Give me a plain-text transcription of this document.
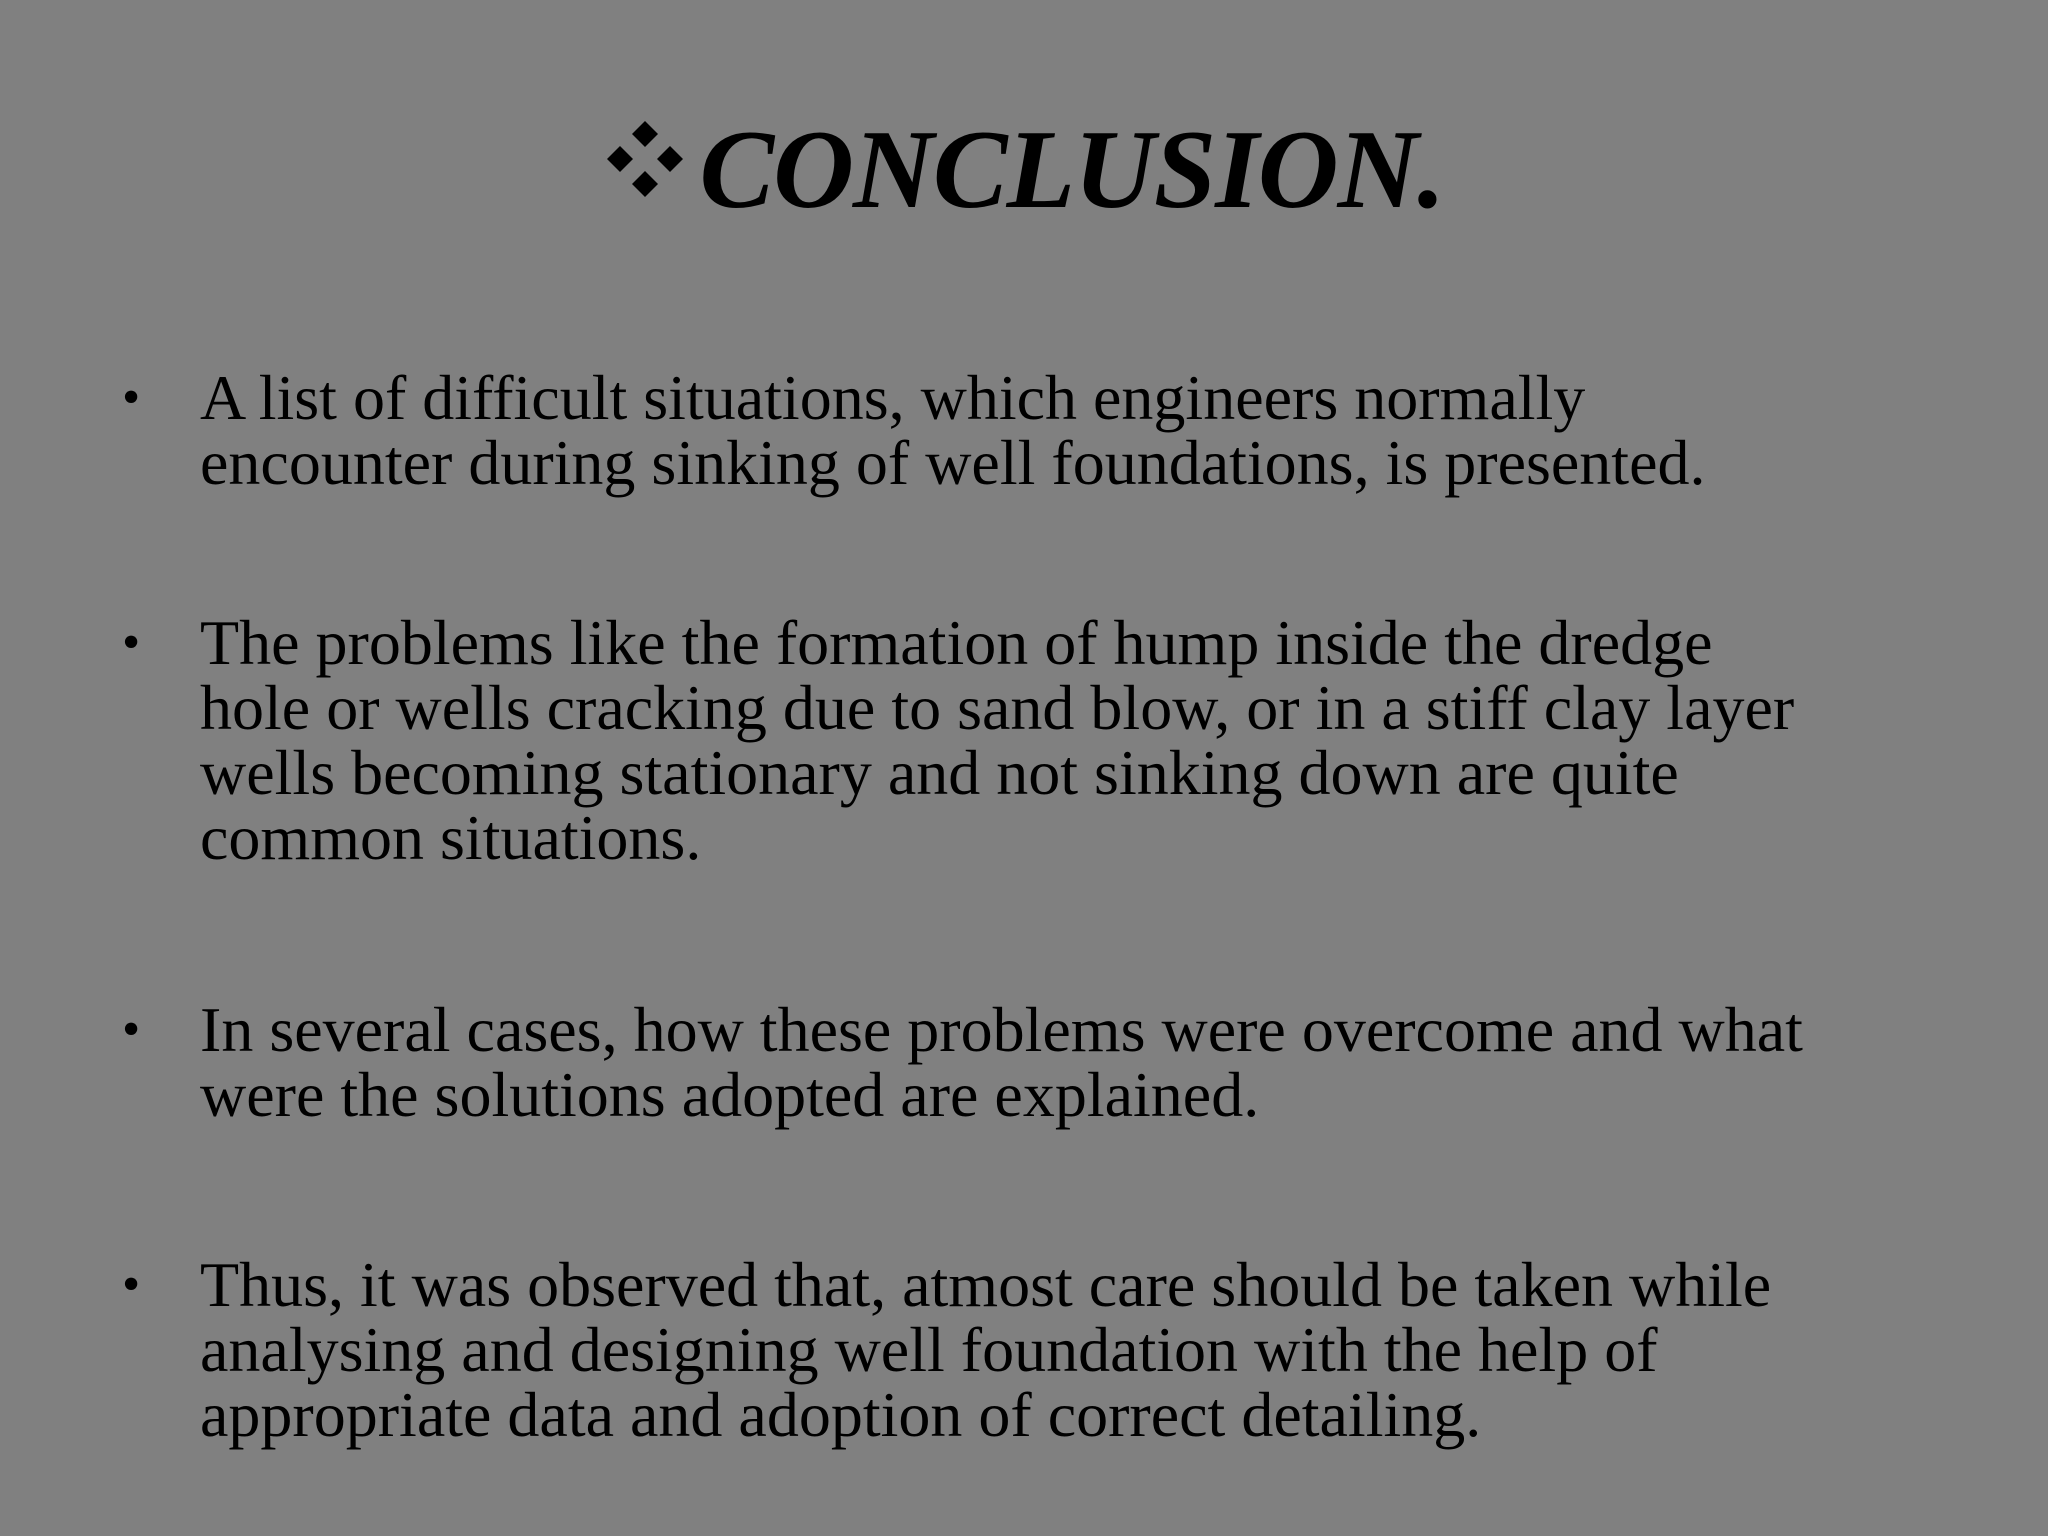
CONCLUSION.
• A list of difficult situations, which engineers normally
encounter during sinking of well foundations, is presented.
• The problems like the formation of hump inside the dredge
hole or wells cracking due to sand blow, or in a stiff clay layer
wells becoming stationary and not sinking down are quite
common situations.
• In several cases, how these problems were overcome and what
were the solutions adopted are explained.
• Thus, it was observed that, atmost care should be taken while
analysing and designing well foundation with the help of
appropriate data and adoption of correct detailing.
